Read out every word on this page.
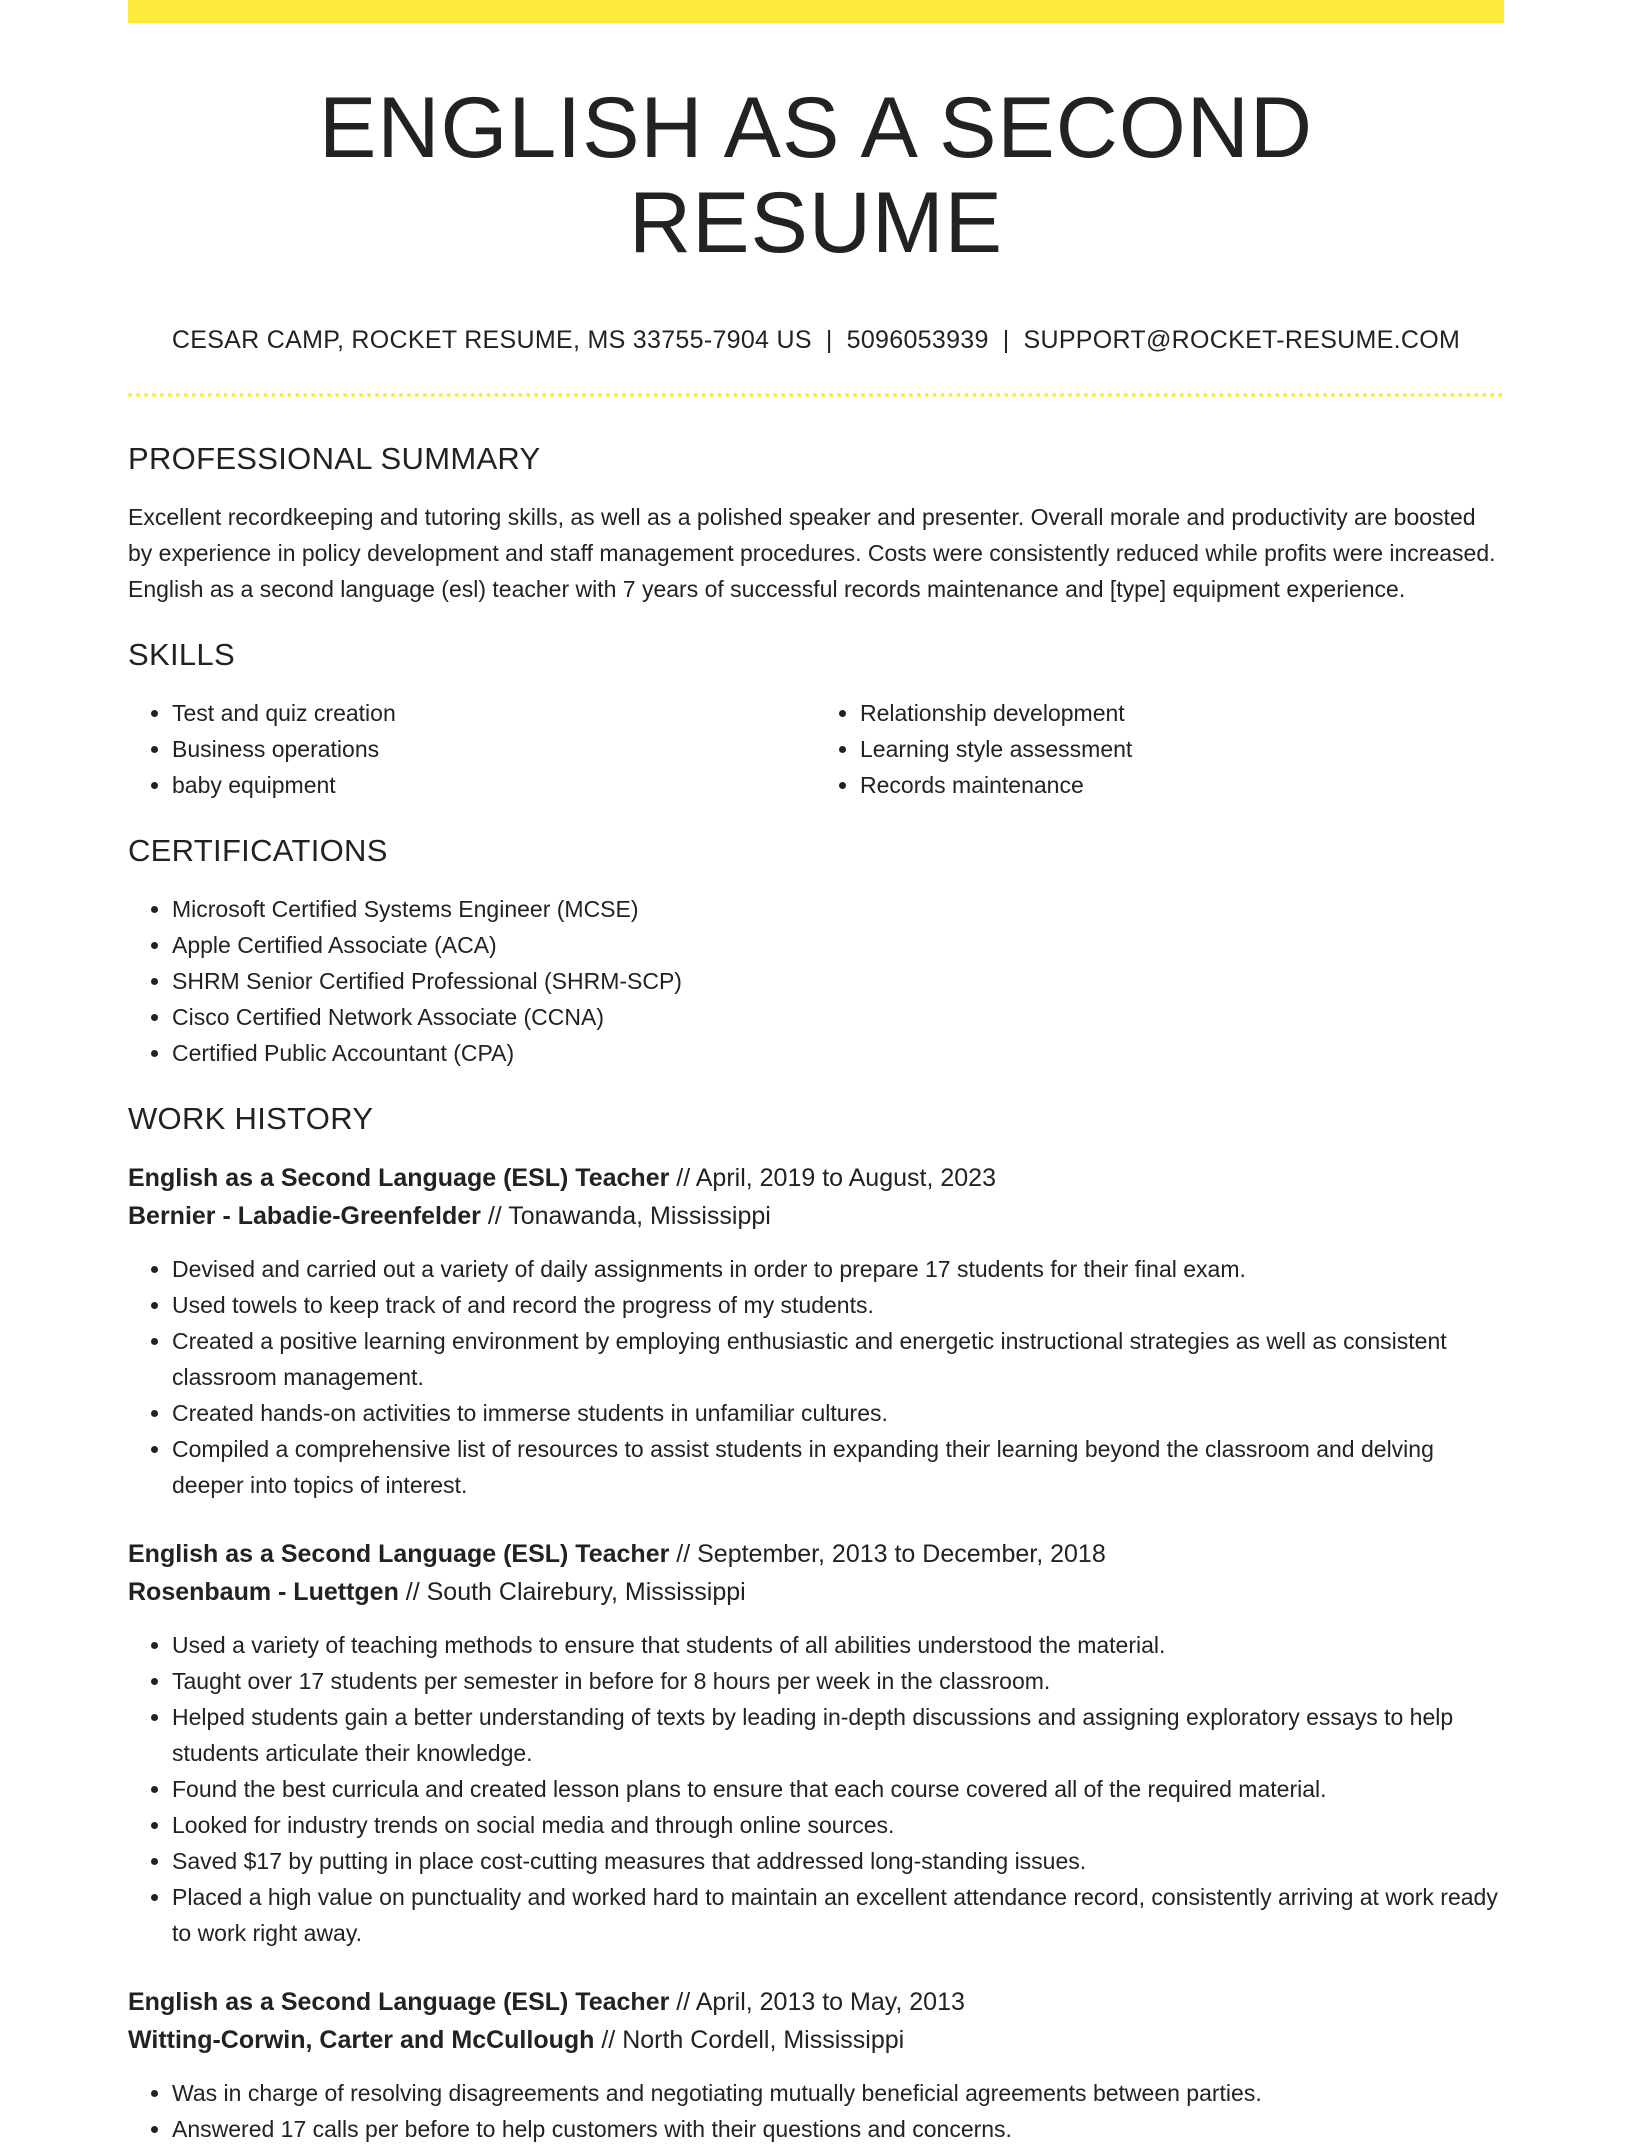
ENGLISH AS A SECOND RESUME
CESAR CAMP, ROCKET RESUME, MS 33755-7904 US | 5096053939 | SUPPORT@ROCKET-RESUME.COM
PROFESSIONAL SUMMARY
Excellent recordkeeping and tutoring skills, as well as a polished speaker and presenter. Overall morale and productivity are boosted by experience in policy development and staff management procedures. Costs were consistently reduced while profits were increased. English as a second language (esl) teacher with 7 years of successful records maintenance and [type] equipment experience.
SKILLS
• Test and quiz creation
• Business operations
• baby equipment
• Relationship development
• Learning style assessment
• Records maintenance
CERTIFICATIONS
• Microsoft Certified Systems Engineer (MCSE)
• Apple Certified Associate (ACA)
• SHRM Senior Certified Professional (SHRM-SCP)
• Cisco Certified Network Associate (CCNA)
• Certified Public Accountant (CPA)
WORK HISTORY
English as a Second Language (ESL) Teacher // April, 2019 to August, 2023
Bernier - Labadie-Greenfelder // Tonawanda, Mississippi
• Devised and carried out a variety of daily assignments in order to prepare 17 students for their final exam.
• Used towels to keep track of and record the progress of my students.
• Created a positive learning environment by employing enthusiastic and energetic instructional strategies as well as consistent classroom management.
• Created hands-on activities to immerse students in unfamiliar cultures.
• Compiled a comprehensive list of resources to assist students in expanding their learning beyond the classroom and delving deeper into topics of interest.
English as a Second Language (ESL) Teacher // September, 2013 to December, 2018
Rosenbaum - Luettgen // South Clairebury, Mississippi
• Used a variety of teaching methods to ensure that students of all abilities understood the material.
• Taught over 17 students per semester in before for 8 hours per week in the classroom.
• Helped students gain a better understanding of texts by leading in-depth discussions and assigning exploratory essays to help students articulate their knowledge.
• Found the best curricula and created lesson plans to ensure that each course covered all of the required material.
• Looked for industry trends on social media and through online sources.
• Saved $17 by putting in place cost-cutting measures that addressed long-standing issues.
• Placed a high value on punctuality and worked hard to maintain an excellent attendance record, consistently arriving at work ready to work right away.
English as a Second Language (ESL) Teacher // April, 2013 to May, 2013
Witting-Corwin, Carter and McCullough // North Cordell, Mississippi
• Was in charge of resolving disagreements and negotiating mutually beneficial agreements between parties.
• Answered 17 calls per before to help customers with their questions and concerns.
